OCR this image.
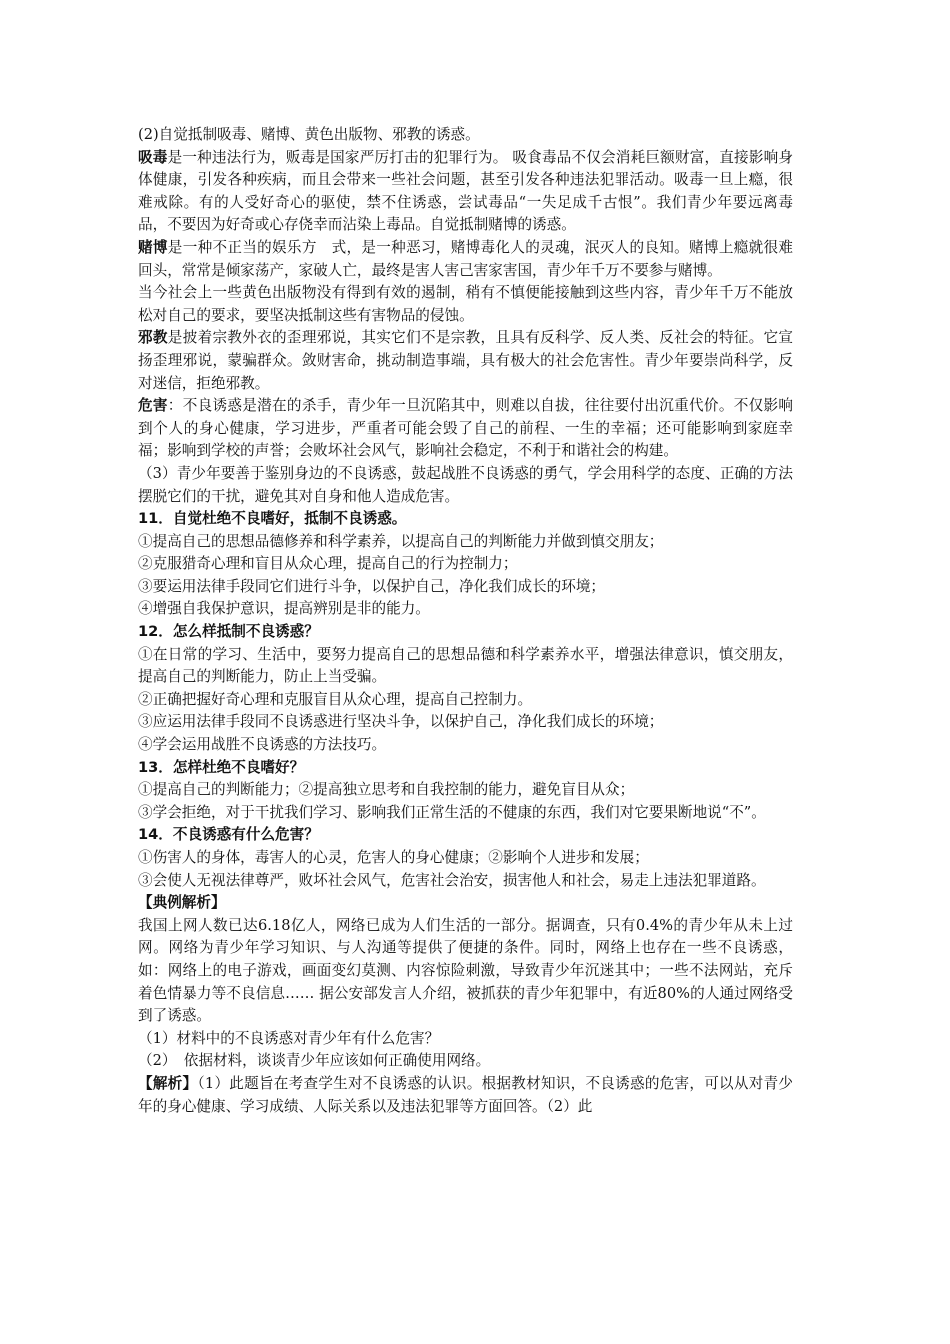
(2)自觉抵制吸毒、赌博、黄色出版物、邪教的诱惑。

吸毒是一种违法行为，贩毒是国家严厉打击的犯罪行为。 吸食毒品不仅会消耗巨额财富，直接影响身体健康，引发各种疾病，而且会带来一些社会问题，甚至引发各种违法犯罪活动。吸毒一旦上瘾，很难戒除。有的人受好奇心的驱使，禁不住诱惑，尝试毒品“一失足成千古恨”。我们青少年要远离毒品，不要因为好奇或心存侥幸而沾染上毒品。自觉抵制赌博的诱惑。

赌博是一种不正当的娱乐方　式，是一种恶习，赌博毒化人的灵魂，泯灭人的良知。赌博上瘾就很难回头，常常是倾家荡产，家破人亡，最终是害人害己害家害国，青少年千万不要参与赌博。

当今社会上一些黄色出版物没有得到有效的遏制，稍有不慎便能接触到这些内容，青少年千万不能放松对自己的要求，要坚决抵制这些有害物品的侵蚀。

邪教是披着宗教外衣的歪理邪说，其实它们不是宗教，且具有反科学、反人类、反社会的特征。它宣扬歪理邪说，蒙骗群众。敛财害命，挑动制造事端，具有极大的社会危害性。青少年要崇尚科学，反对迷信，拒绝邪教。

危害：不良诱惑是潜在的杀手，青少年一旦沉陷其中，则难以自拔，往往要付出沉重代价。不仅影响到个人的身心健康，学习进步，严重者可能会毁了自己的前程、一生的幸福；还可能影响到家庭幸福；影响到学校的声誉；会败坏社会风气，影响社会稳定，不利于和谐社会的构建。

（3）青少年要善于鉴别身边的不良诱惑，鼓起战胜不良诱惑的勇气，学会用科学的态度、正确的方法摆脱它们的干扰，避免其对自身和他人造成危害。

11．自觉杜绝不良嗜好，抵制不良诱惑。

①提高自己的思想品德修养和科学素养，以提高自己的判断能力并做到慎交朋友；

②克服猎奇心理和盲目从众心理，提高自己的行为控制力；

③要运用法律手段同它们进行斗争，以保护自己，净化我们成长的环境；

④增强自我保护意识，提高辨别是非的能力。

12．怎么样抵制不良诱惑？

①在日常的学习、生活中，要努力提高自己的思想品德和科学素养水平，增强法律意识，慎交朋友，提高自己的判断能力，防止上当受骗。

②正确把握好奇心理和克服盲目从众心理，提高自己控制力。

③应运用法律手段同不良诱惑进行坚决斗争，以保护自己，净化我们成长的环境；

④学会运用战胜不良诱惑的方法技巧。

13．怎样杜绝不良嗜好？

①提高自己的判断能力；②提高独立思考和自我控制的能力，避免盲目从众；

③学会拒绝，对于干扰我们学习、影响我们正常生活的不健康的东西，我们对它要果断地说“不”。

14．不良诱惑有什么危害？

①伤害人的身体，毒害人的心灵，危害人的身心健康；②影响个人进步和发展；

③会使人无视法律尊严，败坏社会风气，危害社会治安，损害他人和社会，易走上违法犯罪道路。

【典例解析】

我国上网人数已达6.18亿人，网络已成为人们生活的一部分。据调查，只有0.4%的青少年从未上过网。网络为青少年学习知识、与人沟通等提供了便捷的条件。同时，网络上也存在一些不良诱惑，如：网络上的电子游戏，画面变幻莫测、内容惊险刺激，导致青少年沉迷其中；一些不法网站，充斥着色情暴力等不良信息…… 据公安部发言人介绍，被抓获的青少年犯罪中，有近80%的人通过网络受到了诱惑。

（1）材料中的不良诱惑对青少年有什么危害？

（2）　依据材料，谈谈青少年应该如何正确使用网络。

【解析】（1）此题旨在考查学生对不良诱惑的认识。根据教材知识，不良诱惑的危害，可以从对青少年的身心健康、学习成绩、人际关系以及违法犯罪等方面回答。（2）此
